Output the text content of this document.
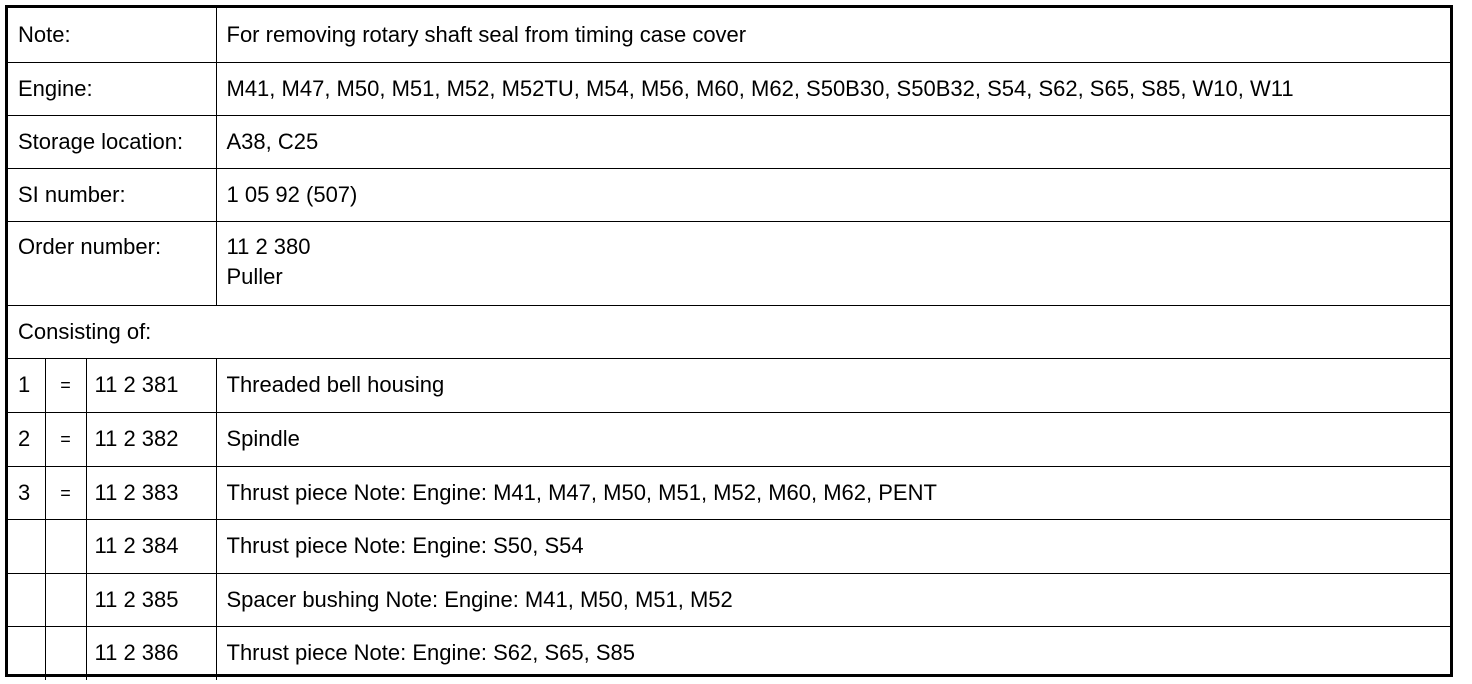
Note:			For removing rotary shaft seal from timing case cover
Engine:			M41, M47, M50, M51, M52, M52TU, M54, M56, M60, M62, S50B30, S50B32, S54, S62, S65, S85, W10, W11
Storage location:			A38, C25
SI number:			1 05 92 (507)
Order number:			11 2 380
Puller

Consisting of:			
1	=	11 2 381	Threaded bell housing
2	=	11 2 382	Spindle
3	=	11 2 383	Thrust piece Note: Engine: M41, M47, M50, M51, M52, M60, M62, PENT
		11 2 384	Thrust piece Note: Engine: S50, S54
		11 2 385	Spacer bushing Note: Engine: M41, M50, M51, M52
		11 2 386	Thrust piece Note: Engine: S62, S65, S85
